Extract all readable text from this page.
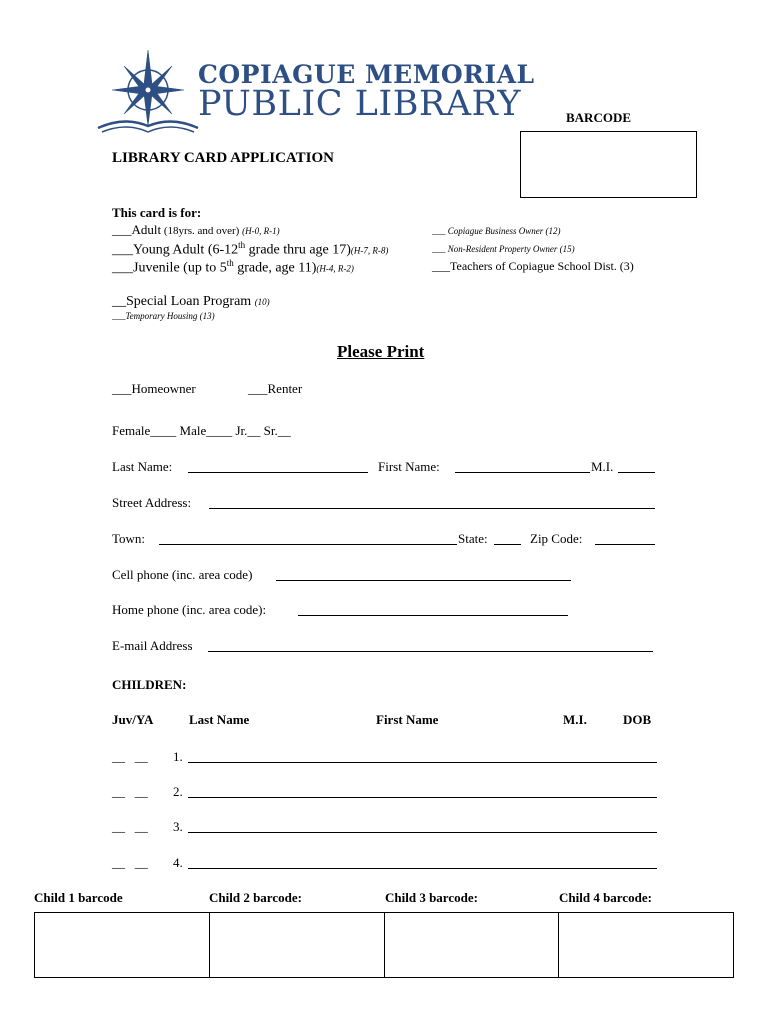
COPIAGUE MEMORIAL
PUBLIC LIBRARY	BARCODE
LIBRARY CARD APPLICATION
This card is for:
___Adult (18yrs. and over) (H-0, R-1)
___Young Adult (6-12th grade thru age 17)(H-7, R-8)
___Juvenile (up to 5th grade, age 11)(H-4, R-2)
___ Copiague Business Owner (12)
___ Non-Resident Property Owner (15)
___Teachers of Copiague School Dist. (3)
__Special Loan Program (10)
___Temporary Housing (13)
Please Print
___Homeowner	___Renter
Female____ Male____ Jr.__ Sr.__
Last Name:	First Name:	M.I.
Street Address:
Town:	State:	Zip Code:
Cell phone (inc. area code)
Home phone (inc. area code):
E-mail Address
CHILDREN:
Juv/YA	Last Name	First Name	M.I.	DOB
__   __ 1.
__   __ 2.
__   __ 3.
__   __ 4.
Child 1 barcode	Child 2 barcode:	Child 3 barcode:	Child 4 barcode:
